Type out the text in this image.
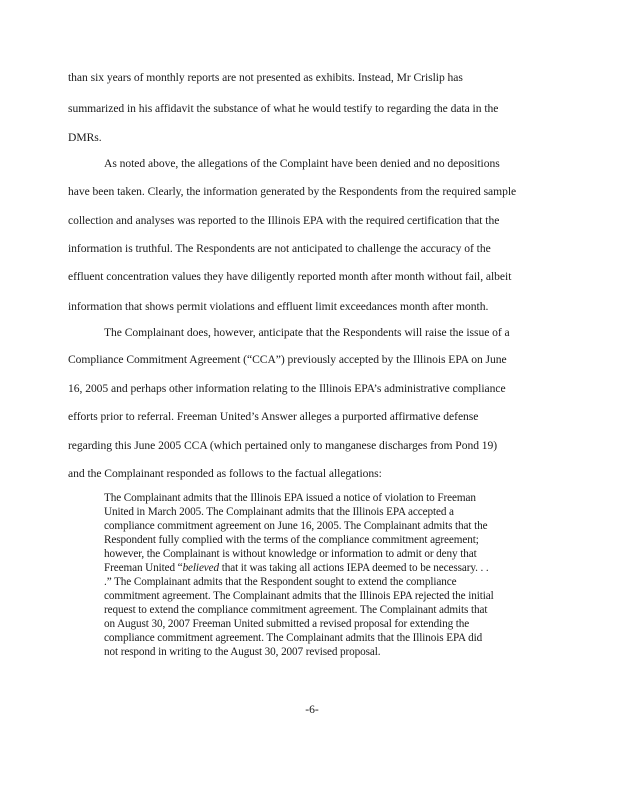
than six years of monthly reports are not presented as exhibits. Instead, Mr Crislip has
summarized in his affidavit the substance of what he would testify to regarding the data in the
DMRs.
As noted above, the allegations of the Complaint have been denied and no depositions
have been taken. Clearly, the information generated by the Respondents from the required sample
collection and analyses was reported to the Illinois EPA with the required certification that the
information is truthful. The Respondents are not anticipated to challenge the accuracy of the
effluent concentration values they have diligently reported month after month without fail, albeit
information that shows permit violations and effluent limit exceedances month after month.
The Complainant does, however, anticipate that the Respondents will raise the issue of a
Compliance Commitment Agreement (“CCA”) previously accepted by the Illinois EPA on June
16, 2005 and perhaps other information relating to the Illinois EPA’s administrative compliance
efforts prior to referral. Freeman United’s Answer alleges a purported affirmative defense
regarding this June 2005 CCA (which pertained only to manganese discharges from Pond 19)
and the Complainant responded as follows to the factual allegations:
The Complainant admits that the Illinois EPA issued a notice of violation to Freeman
United in March 2005. The Complainant admits that the Illinois EPA accepted a
compliance commitment agreement on June 16, 2005. The Complainant admits that the
Respondent fully complied with the terms of the compliance commitment agreement;
however, the Complainant is without knowledge or information to admit or deny that
Freeman United “believed that it was taking all actions IEPA deemed to be necessary. . .
.” The Complainant admits that the Respondent sought to extend the compliance
commitment agreement. The Complainant admits that the Illinois EPA rejected the initial
request to extend the compliance commitment agreement. The Complainant admits that
on August 30, 2007 Freeman United submitted a revised proposal for extending the
compliance commitment agreement. The Complainant admits that the Illinois EPA did
not respond in writing to the August 30, 2007 revised proposal.
-6-
